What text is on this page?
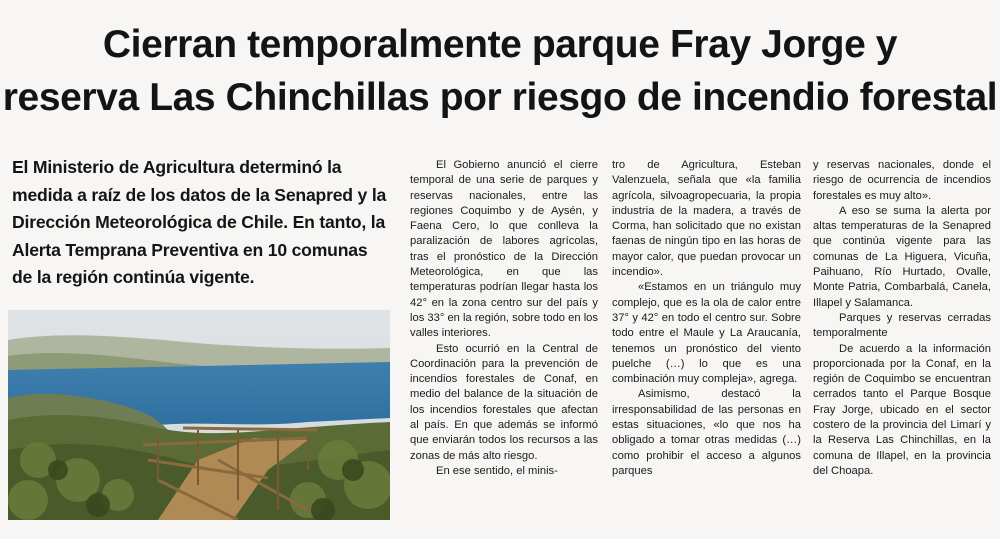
Cierran temporalmente parque Fray Jorge y
reserva Las Chinchillas por riesgo de incendio forestal
El Ministerio de Agricultura determinó la medida a raíz de los datos de la Senapred y la Dirección Meteorológica de Chile. En tanto, la Alerta Temprana Preventiva en 10 comunas de la región continúa vigente.

El Gobierno anunció el cierre temporal de una serie de parques y reservas nacionales, entre las regiones Coquimbo y de Aysén, y Faena Cero, lo que conlleva la paralización de labores agrícolas, tras el pronóstico de la Dirección Meteorológica, en que las temperaturas podrían llegar hasta los 42° en la zona centro sur del país y los 33° en la región, sobre todo en los valles interiores.

Esto ocurrió en la Central de Coordinación para la prevención de incendios forestales de Conaf, en medio del balance de la situación de los incendios forestales que afectan al país. En que además se informó que enviarán todos los recursos a las zonas de más alto riesgo.

En ese sentido, el minis-

tro de Agricultura, Esteban Valenzuela, señala que «la familia agrícola, silvoagropecuaria, la propia industria de la madera, a través de Corma, han solicitado que no existan faenas de ningún tipo en las horas de mayor calor, que puedan provocar un incendio».

«Estamos en un triángulo muy complejo, que es la ola de calor entre 37° y 42° en todo el centro sur. Sobre todo entre el Maule y La Araucanía, tenemos un pronóstico del viento puelche (…) lo que es una combinación muy compleja», agrega.

Asimismo, destacó la irresponsabilidad de las personas en estas situaciones, «lo que nos ha obligado a tomar otras medidas (…) como prohibir el acceso a algunos parques

y reservas nacionales, donde el riesgo de ocurrencia de incendios forestales es muy alto».

A eso se suma la alerta por altas temperaturas de la Senapred que continúa vigente para las comunas de La Higuera, Vicuña, Paihuano, Río Hurtado, Ovalle, Monte Patria, Combarbalá, Canela, Illapel y Salamanca.

Parques y reservas cerradas temporalmente

De acuerdo a la información proporcionada por la Conaf, en la región de Coquimbo se encuentran cerrados tanto el Parque Bosque Fray Jorge, ubicado en el sector costero de la provincia del Limarí y la Reserva Las Chinchillas, en la comuna de Illapel, en la provincia del Choapa.
